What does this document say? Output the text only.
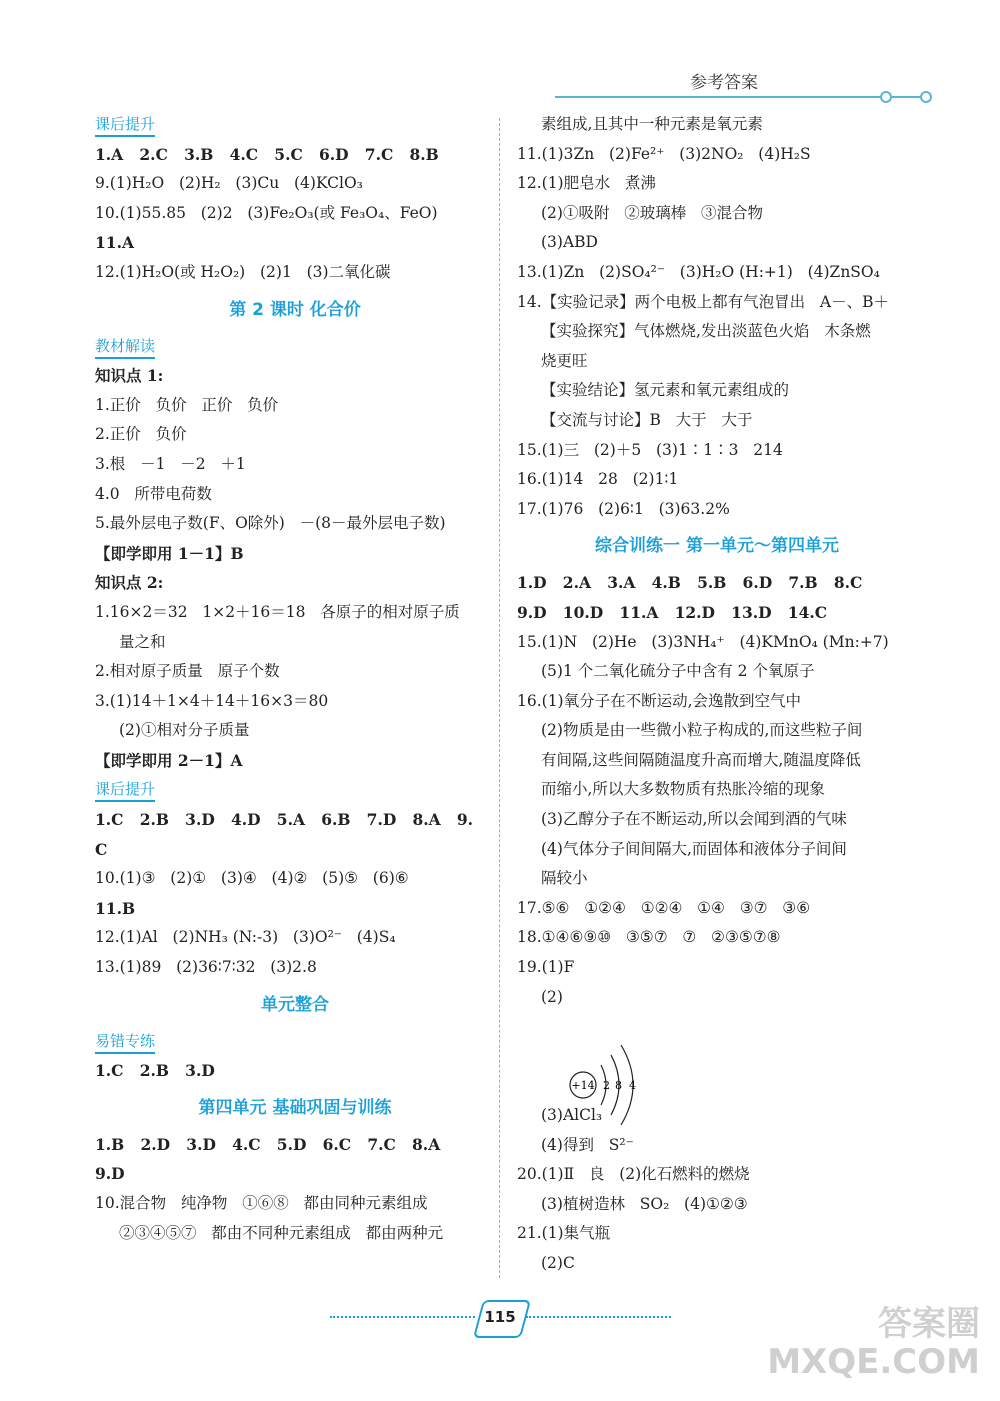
参考答案
课后提升
1.A   2.C   3.B   4.C   5.C   6.D   7.C   8.B
9.(1)H₂O   (2)H₂   (3)Cu   (4)KClO₃
10.(1)55.85   (2)2   (3)Fe₂O₃(或 Fe₃O₄、FeO)
11.A
12.(1)H₂O(或 H₂O₂)   (2)1   (3)二氧化碳
第 2 课时 化合价
教材解读
知识点 1:
1.正价   负价   正价   负价
2.正价   负价
3.根   －1   －2   ＋1
4.0   所带电荷数
5.最外层电子数(F、O除外)   －(8－最外层电子数)
【即学即用 1－1】B
知识点 2:
1.16×2＝32   1×2＋16＝18   各原子的相对原子质
量之和
2.相对原子质量   原子个数
3.(1)14＋1×4＋14＋16×3＝80
(2)①相对分子质量
【即学即用 2－1】A
课后提升
1.C   2.B   3.D   4.D   5.A   6.B   7.D   8.A   9.
C
10.(1)③   (2)①   (3)④   (4)②   (5)⑤   (6)⑥
11.B
12.(1)Al   (2)NH₃ (N:-3)   (3)O²⁻   (4)S₄
13.(1)89   (2)36∶7∶32   (3)2.8
单元整合
易错专练
1.C   2.B   3.D
第四单元 基础巩固与训练
1.B   2.D   3.D   4.C   5.D   6.C   7.C   8.A
9.D
10.混合物   纯净物   ①⑥⑧   都由同种元素组成
②③④⑤⑦   都由不同种元素组成   都由两种元
素组成,且其中一种元素是氧元素
11.(1)3Zn   (2)Fe²⁺   (3)2NO₂   (4)H₂S
12.(1)肥皂水   煮沸
(2)①吸附   ②玻璃棒   ③混合物
(3)ABD
13.(1)Zn   (2)SO₄²⁻   (3)H₂O (H:+1)   (4)ZnSO₄
14.【实验记录】两个电极上都有气泡冒出   A－、B＋
【实验探究】气体燃烧,发出淡蓝色火焰   木条燃
烧更旺
【实验结论】氢元素和氧元素组成的
【交流与讨论】B   大于   大于
15.(1)三   (2)＋5   (3)1∶1∶3   214
16.(1)14   28   (2)1∶1
17.(1)76   (2)6∶1   (3)63.2%
综合训练一 第一单元～第四单元
1.D   2.A   3.A   4.B   5.B   6.D   7.B   8.C
9.D   10.D   11.A   12.D   13.D   14.C
15.(1)N   (2)He   (3)3NH₄⁺   (4)KMnO₄ (Mn:+7)
(5)1 个二氧化硫分子中含有 2 个氧原子
16.(1)氧分子在不断运动,会逸散到空气中
(2)物质是由一些微小粒子构成的,而这些粒子间
有间隔,这些间隔随温度升高而增大,随温度降低
而缩小,所以大多数物质有热胀冷缩的现象
(3)乙醇分子在不断运动,所以会闻到酒的气味
(4)气体分子间间隔大,而固体和液体分子间间
隔较小
17.⑤⑥   ①②④   ①②④   ①④   ③⑦   ③⑥
18.①④⑥⑨⑩   ③⑤⑦   ⑦   ②③⑤⑦⑧
19.(1)F
(2)
(3)AlCl₃
(4)得到   S²⁻
20.(1)Ⅱ   良   (2)化石燃料的燃烧
(3)植树造林   SO₂   (4)①②③
21.(1)集气瓶
(2)C
+14 2 8 4
115	答案圈
MXQE.COM
